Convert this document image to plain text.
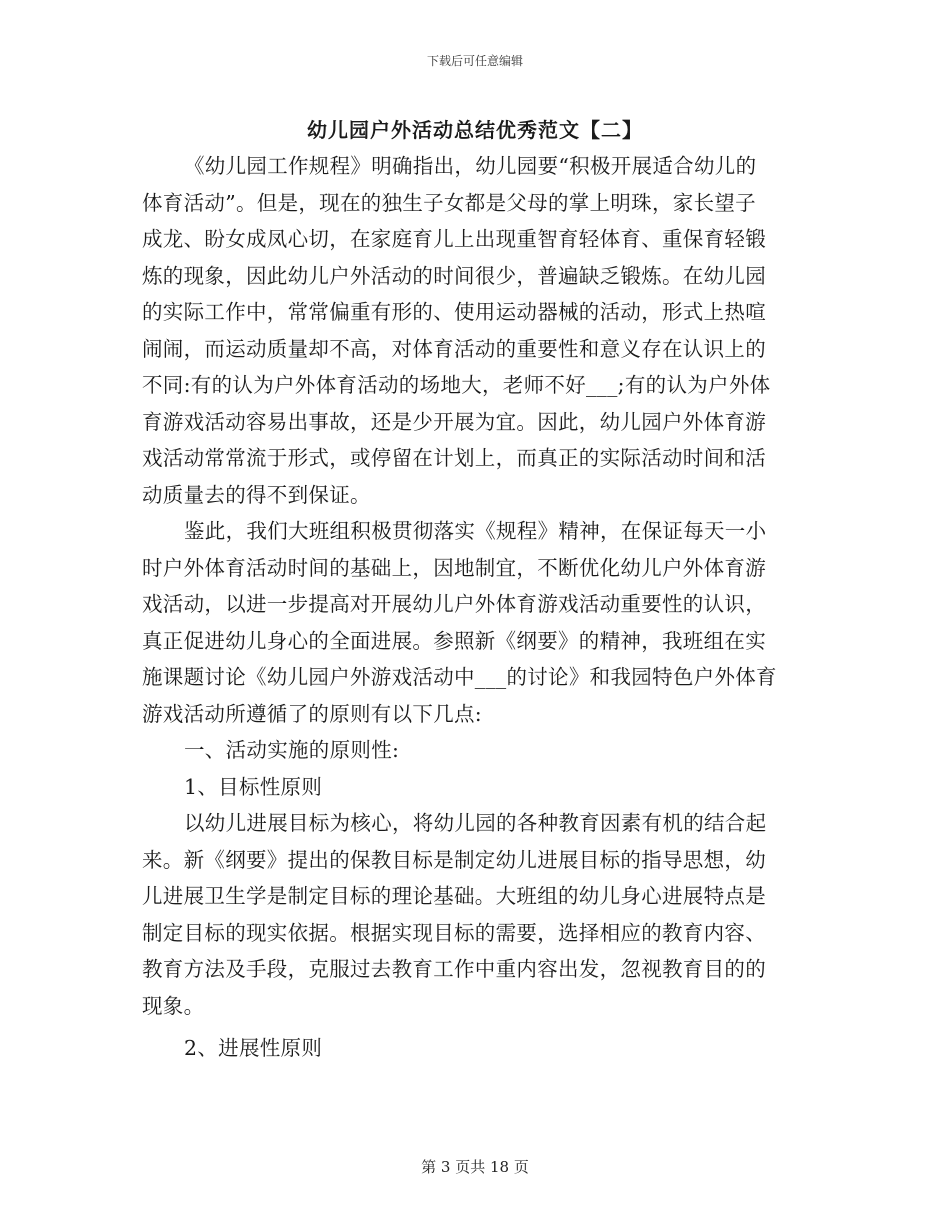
下载后可任意编辑
幼儿园户外活动总结优秀范文【二】
《幼儿园工作规程》明确指出，幼儿园要“积极开展适合幼儿的
体育活动”。但是，现在的独生子女都是父母的掌上明珠，家长望子
成龙、盼女成凤心切，在家庭育儿上出现重智育轻体育、重保育轻锻
炼的现象，因此幼儿户外活动的时间很少，普遍缺乏锻炼。在幼儿园
的实际工作中，常常偏重有形的、使用运动器械的活动，形式上热喧
闹闹，而运动质量却不高，对体育活动的重要性和意义存在认识上的
不同:有的认为户外体育活动的场地大，老师不好___;有的认为户外体
育游戏活动容易出事故，还是少开展为宜。因此，幼儿园户外体育游
戏活动常常流于形式，或停留在计划上，而真正的实际活动时间和活
动质量去的得不到保证。
鉴此，我们大班组积极贯彻落实《规程》精神，在保证每天一小
时户外体育活动时间的基础上，因地制宜，不断优化幼儿户外体育游
戏活动，以进一步提高对开展幼儿户外体育游戏活动重要性的认识，
真正促进幼儿身心的全面进展。参照新《纲要》的精神，我班组在实
施课题讨论《幼儿园户外游戏活动中___的讨论》和我园特色户外体育
游戏活动所遵循了的原则有以下几点:
一、活动实施的原则性:
1、目标性原则
以幼儿进展目标为核心，将幼儿园的各种教育因素有机的结合起
来。新《纲要》提出的保教目标是制定幼儿进展目标的指导思想，幼
儿进展卫生学是制定目标的理论基础。大班组的幼儿身心进展特点是
制定目标的现实依据。根据实现目标的需要，选择相应的教育内容、
教育方法及手段，克服过去教育工作中重内容出发，忽视教育目的的
现象。
2、进展性原则
第 3 页共 18 页
